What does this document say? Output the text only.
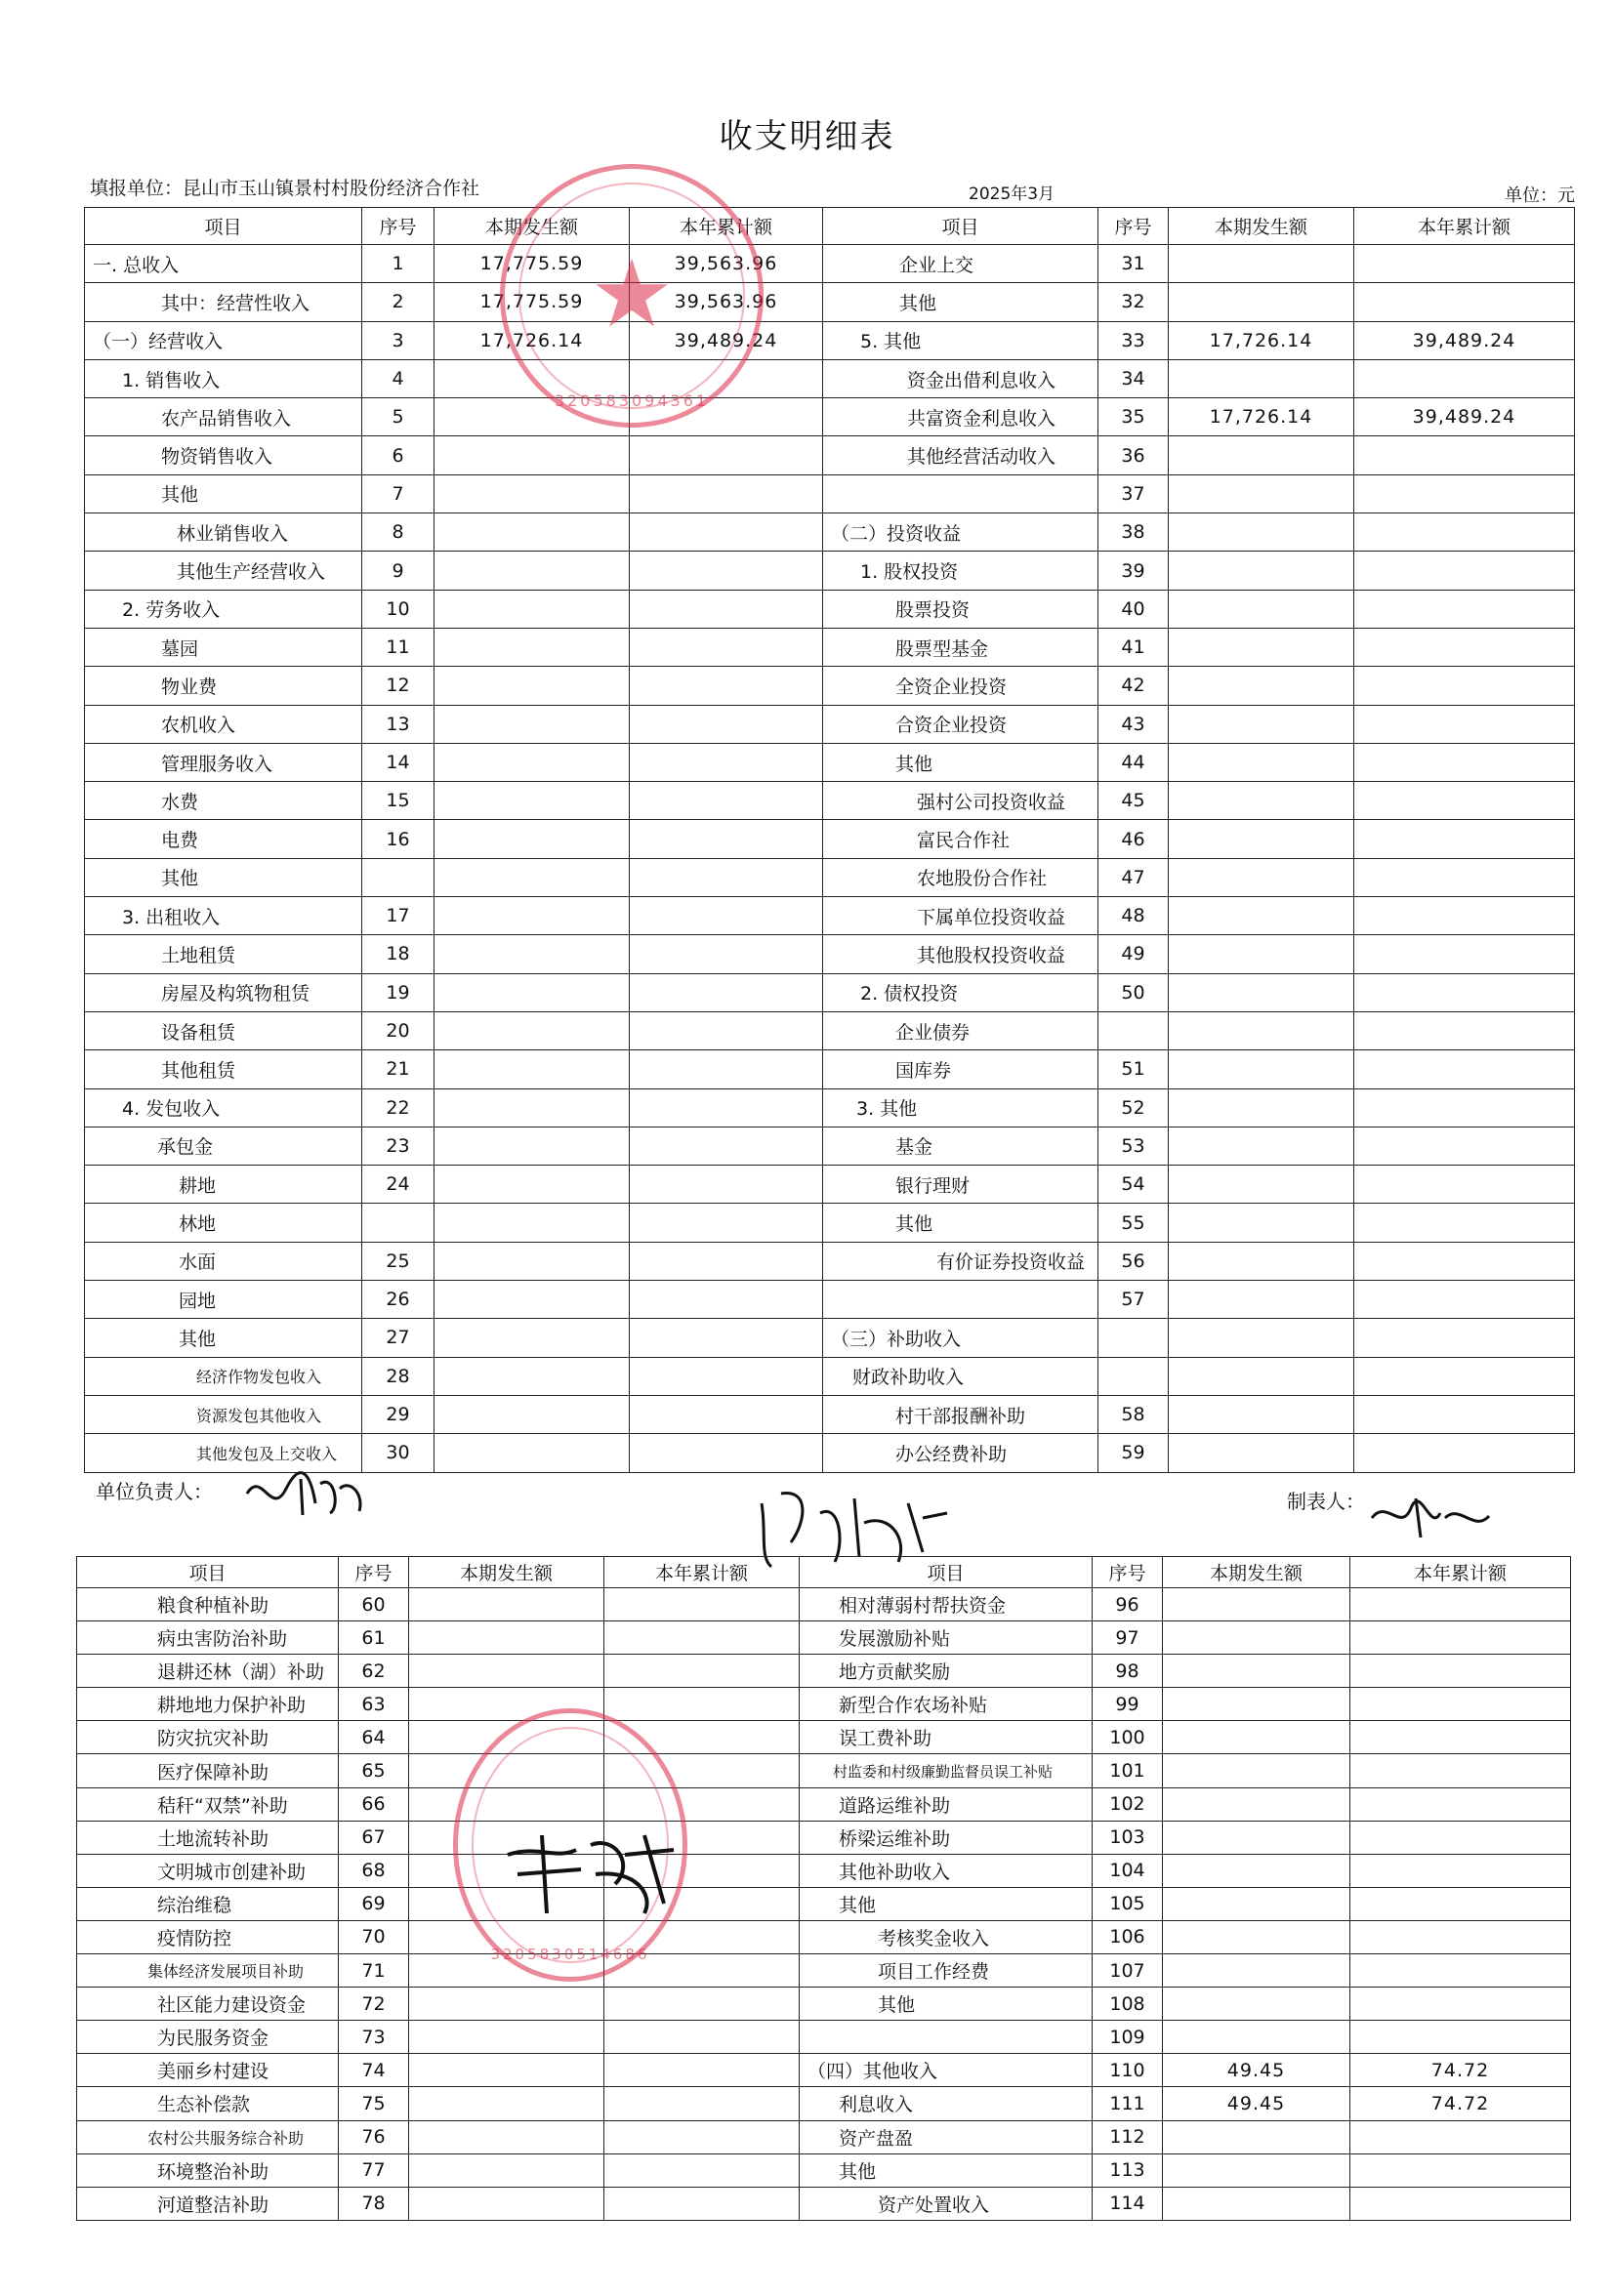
收支明细表
填报单位：昆山市玉山镇景村村股份经济合作社	2025年3月	单位：元
项目	序号	本期发生额	本年累计额	项目	序号	本期发生额	本年累计额
一. 总收入	1	17,775.59	39,563.96	企业上交	31		
其中：经营性收入	2	17,775.59	39,563.96	其他	32		
（一）经营收入	3	17,726.14	39,489.24	5. 其他	33	17,726.14	39,489.24
1. 销售收入	4			资金出借利息收入	34		
农产品销售收入	5			共富资金利息收入	35	17,726.14	39,489.24
物资销售收入	6			其他经营活动收入	36		
其他	7				37		
林业销售收入	8			（二）投资收益	38		
其他生产经营收入	9			1. 股权投资	39		
2. 劳务收入	10			股票投资	40		
墓园	11			股票型基金	41		
物业费	12			全资企业投资	42		
农机收入	13			合资企业投资	43		
管理服务收入	14			其他	44		
水费	15			强村公司投资收益	45		
电费	16			富民合作社	46		
其他				农地股份合作社	47		
3. 出租收入	17			下属单位投资收益	48		
土地租赁	18			其他股权投资收益	49		
房屋及构筑物租赁	19			2. 债权投资	50		
设备租赁	20			企业债券			
其他租赁	21			国库券	51		
4. 发包收入	22			3. 其他	52		
承包金	23			基金	53		
耕地	24			银行理财	54		
林地				其他	55		
水面	25			有价证券投资收益	56		
园地	26				57		
其他	27			（三）补助收入			
经济作物发包收入	28			财政补助收入			
资源发包其他收入	29			村干部报酬补助	58		
其他发包及上交收入	30			办公经费补助	59		
单位负责人：	制表人：
项目	序号	本期发生额	本年累计额	项目	序号	本期发生额	本年累计额
粮食种植补助	60			相对薄弱村帮扶资金	96		
病虫害防治补助	61			发展激励补贴	97		
退耕还林（湖）补助	62			地方贡献奖励	98		
耕地地力保护补助	63			新型合作农场补贴	99		
防灾抗灾补助	64			误工费补助	100		
医疗保障补助	65			村监委和村级廉勤监督员误工补贴	101		
秸秆“双禁”补助	66			道路运维补助	102		
土地流转补助	67			桥梁运维补助	103		
文明城市创建补助	68			其他补助收入	104		
综治维稳	69			其他	105		
疫情防控	70			考核奖金收入	106		
集体经济发展项目补助	71			项目工作经费	107		
社区能力建设资金	72			其他	108		
为民服务资金	73				109		
美丽乡村建设	74			（四）其他收入	110	49.45	74.72
生态补偿款	75			利息收入	111	49.45	74.72
农村公共服务综合补助	76			资产盘盈	112		
环境整治补助	77			其他	113		
河道整洁补助	78			资产处置收入	114		
★
320583094361
3205830514686
